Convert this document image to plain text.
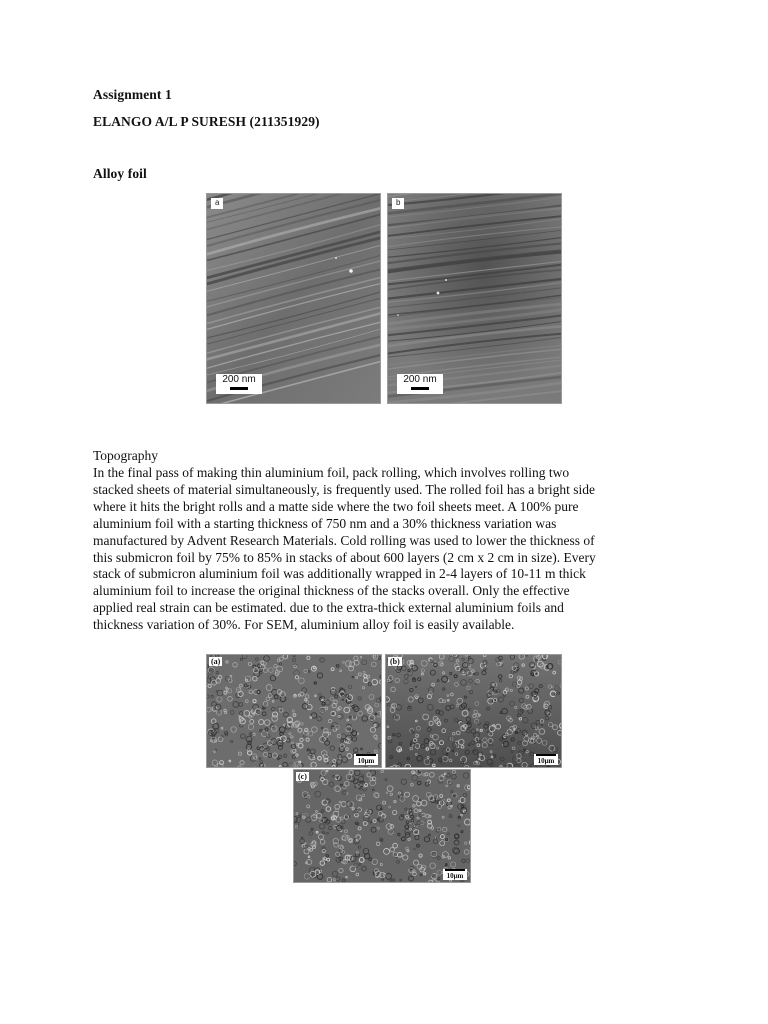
Assignment 1
ELANGO A/L P SURESH (211351929)
Alloy foil
a
200 nm
b
200 nm
Topography
In the final pass of making thin aluminium foil, pack rolling, which involves rolling two
stacked sheets of material simultaneously, is frequently used. The rolled foil has a bright side
where it hits the bright rolls and a matte side where the two foil sheets meet. A 100% pure
aluminium foil with a starting thickness of 750 nm and a 30% thickness variation was
manufactured by Advent Research Materials. Cold rolling was used to lower the thickness of
this submicron foil by 75% to 85% in stacks of about 600 layers (2 cm x 2 cm in size). Every
stack of submicron aluminium foil was additionally wrapped in 2-4 layers of 10-11 m thick
aluminium foil to increase the original thickness of the stacks overall. Only the effective
applied real strain can be estimated. due to the extra-thick external aluminium foils and
thickness variation of 30%. For SEM, aluminium alloy foil is easily available.
(a)
10μm
(b)
10μm
(c)
10μm
